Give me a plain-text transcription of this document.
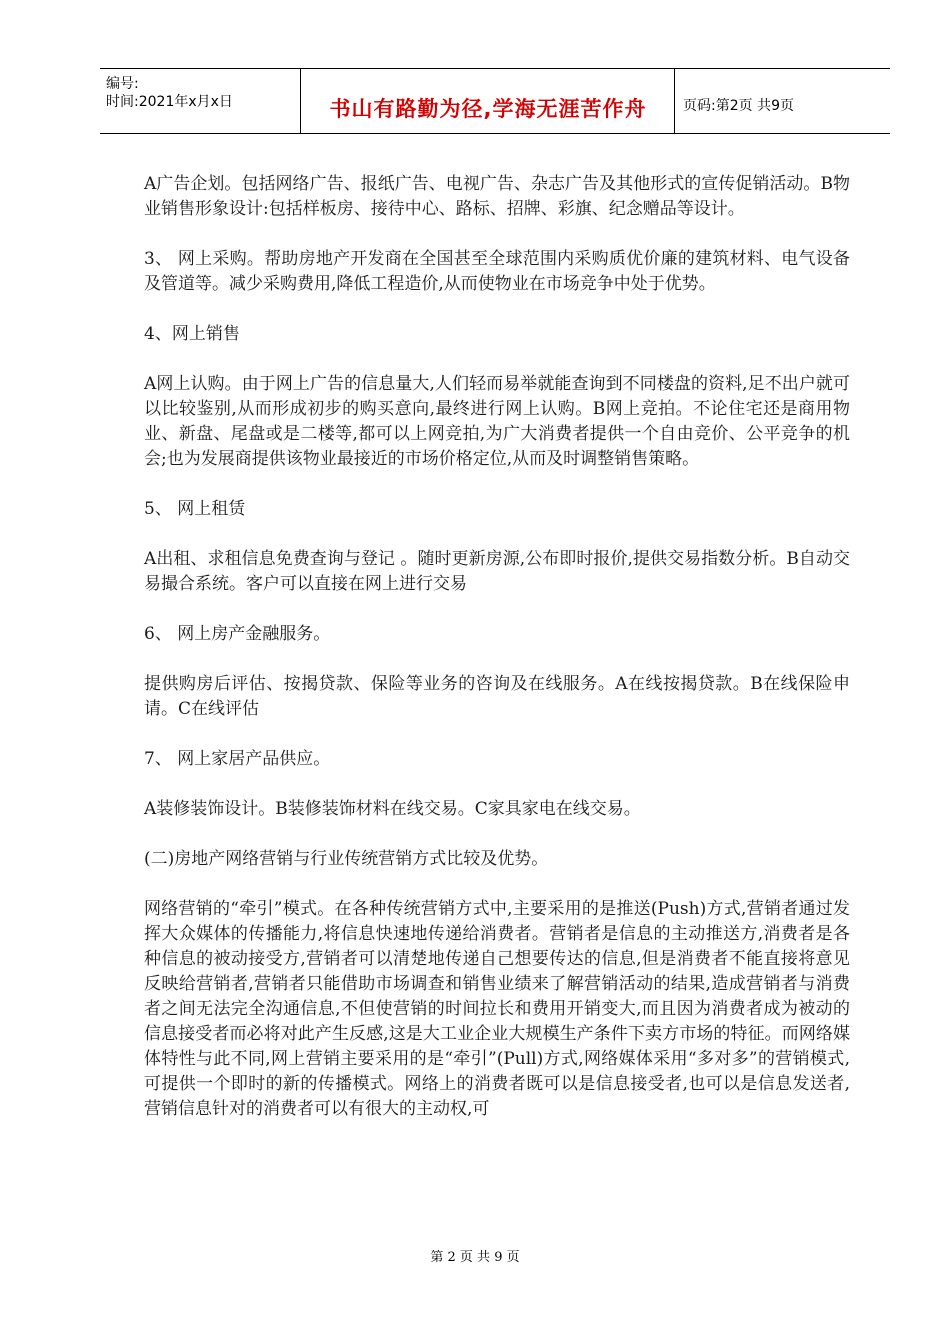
编号:
时间:2021年x月x日	书山有路勤为径,学海无涯苦作舟	页码:第2页 共9页

A广告企划。包括网络广告、报纸广告、电视广告、杂志广告及其他形式的宣传促销活动。B物业销售形象设计:包括样板房、接待中心、路标、招牌、彩旗、纪念赠品等设计。

3、 网上采购。帮助房地产开发商在全国甚至全球范围内采购质优价廉的建筑材料、电气设备及管道等。减少采购费用,降低工程造价,从而使物业在市场竞争中处于优势。

4、网上销售

A网上认购。由于网上广告的信息量大,人们轻而易举就能查询到不同楼盘的资料,足不出户就可以比较鉴别,从而形成初步的购买意向,最终进行网上认购。B网上竞拍。不论住宅还是商用物业、新盘、尾盘或是二楼等,都可以上网竞拍,为广大消费者提供一个自由竞价、公平竞争的机会;也为发展商提供该物业最接近的市场价格定位,从而及时调整销售策略。

5、 网上租赁

A出租、求租信息免费查询与登记 。随时更新房源,公布即时报价,提供交易指数分析。B自动交易撮合系统。客户可以直接在网上进行交易

6、 网上房产金融服务。

提供购房后评估、按揭贷款、保险等业务的咨询及在线服务。A在线按揭贷款。B在线保险申请。C在线评估

7、 网上家居产品供应。

A装修装饰设计。B装修装饰材料在线交易。C家具家电在线交易。

(二)房地产网络营销与行业传统营销方式比较及优势。

网络营销的“牵引”模式。在各种传统营销方式中,主要采用的是推送(Push)方式,营销者通过发挥大众媒体的传播能力,将信息快速地传递给消费者。营销者是信息的主动推送方,消费者是各种信息的被动接受方,营销者可以清楚地传递自己想要传达的信息,但是消费者不能直接将意见反映给营销者,营销者只能借助市场调查和销售业绩来了解营销活动的结果,造成营销者与消费者之间无法完全沟通信息,不但使营销的时间拉长和费用开销变大,而且因为消费者成为被动的信息接受者而必将对此产生反感,这是大工业企业大规模生产条件下卖方市场的特征。而网络媒体特性与此不同,网上营销主要采用的是“牵引”(Pull)方式,网络媒体采用“多对多”的营销模式,可提供一个即时的新的传播模式。网络上的消费者既可以是信息接受者,也可以是信息发送者,营销信息针对的消费者可以有很大的主动权,可

第 2 页 共 9 页
